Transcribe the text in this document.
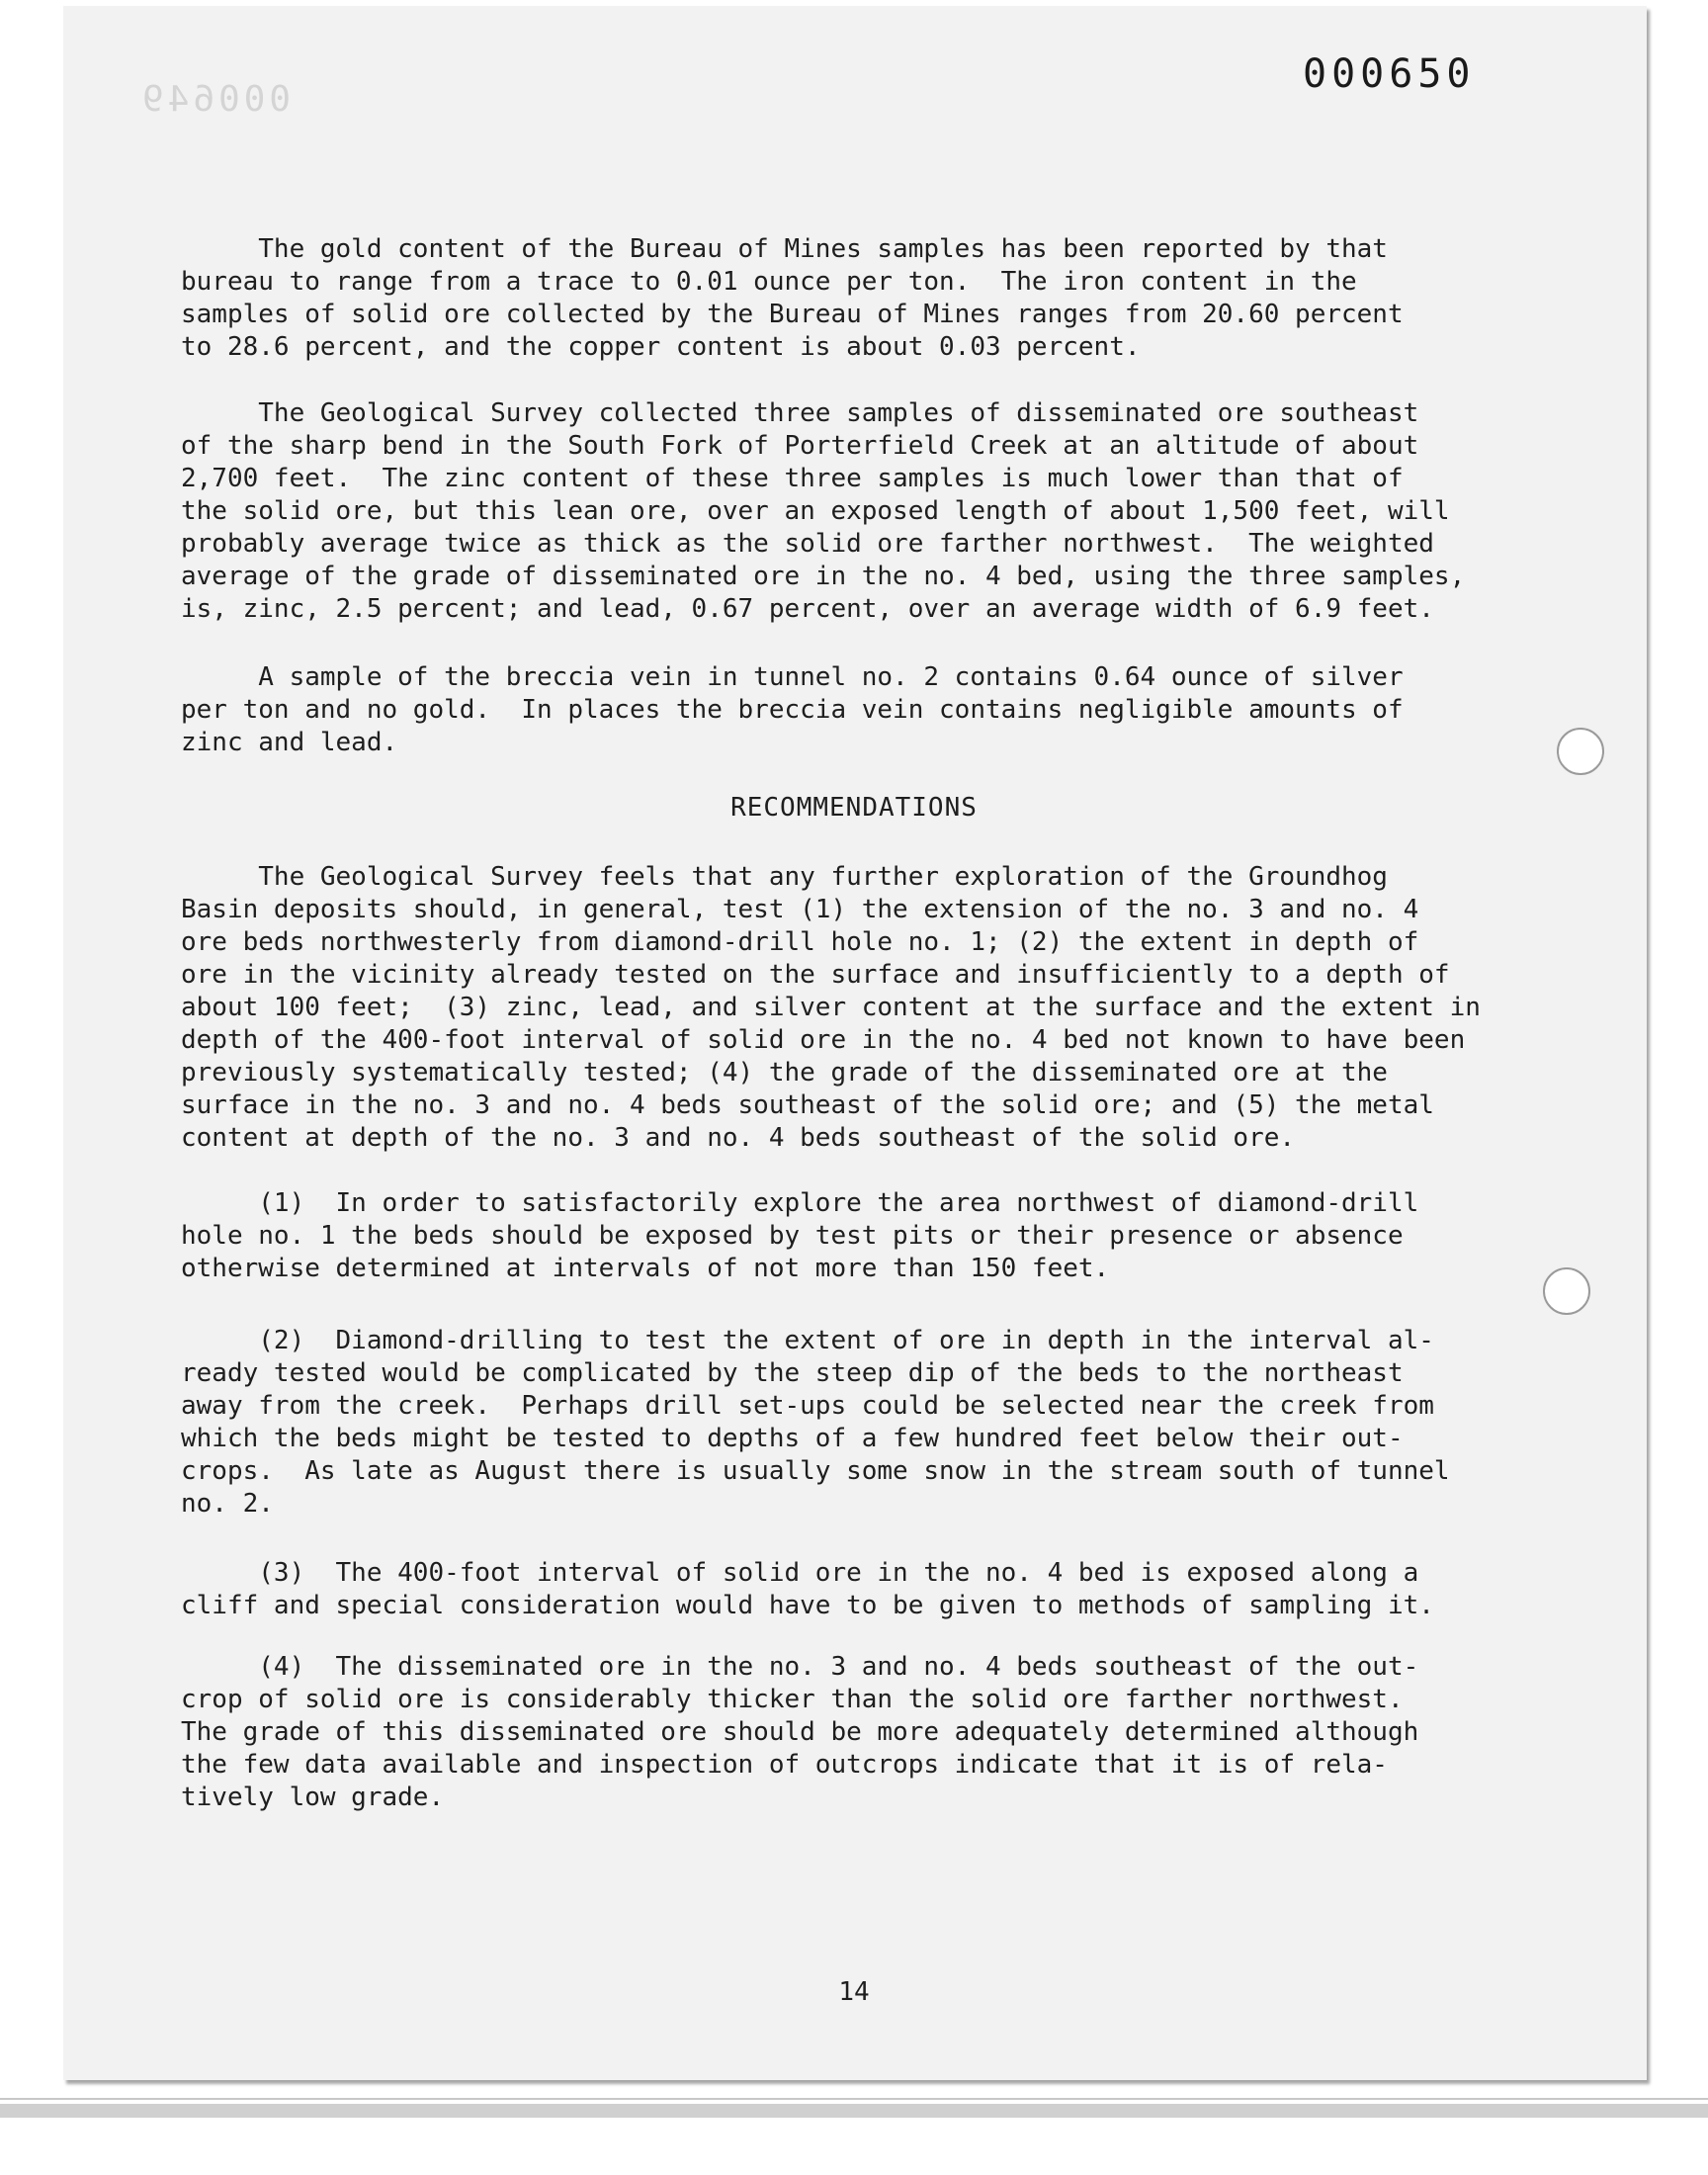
000649
000650
The gold content of the Bureau of Mines samples has been reported by that
bureau to range from a trace to 0.01 ounce per ton.  The iron content in the
samples of solid ore collected by the Bureau of Mines ranges from 20.60 percent
to 28.6 percent, and the copper content is about 0.03 percent.
The Geological Survey collected three samples of disseminated ore southeast
of the sharp bend in the South Fork of Porterfield Creek at an altitude of about
2,700 feet.  The zinc content of these three samples is much lower than that of
the solid ore, but this lean ore, over an exposed length of about 1,500 feet, will
probably average twice as thick as the solid ore farther northwest.  The weighted
average of the grade of disseminated ore in the no. 4 bed, using the three samples,
is, zinc, 2.5 percent; and lead, 0.67 percent, over an average width of 6.9 feet.
A sample of the breccia vein in tunnel no. 2 contains 0.64 ounce of silver
per ton and no gold.  In places the breccia vein contains negligible amounts of
zinc and lead.
RECOMMENDATIONS
The Geological Survey feels that any further exploration of the Groundhog
Basin deposits should, in general, test (1) the extension of the no. 3 and no. 4
ore beds northwesterly from diamond-drill hole no. 1; (2) the extent in depth of
ore in the vicinity already tested on the surface and insufficiently to a depth of
about 100 feet;  (3) zinc, lead, and silver content at the surface and the extent in
depth of the 400-foot interval of solid ore in the no. 4 bed not known to have been
previously systematically tested; (4) the grade of the disseminated ore at the
surface in the no. 3 and no. 4 beds southeast of the solid ore; and (5) the metal
content at depth of the no. 3 and no. 4 beds southeast of the solid ore.
(1)  In order to satisfactorily explore the area northwest of diamond-drill
hole no. 1 the beds should be exposed by test pits or their presence or absence
otherwise determined at intervals of not more than 150 feet.
(2)  Diamond-drilling to test the extent of ore in depth in the interval al-
ready tested would be complicated by the steep dip of the beds to the northeast
away from the creek.  Perhaps drill set-ups could be selected near the creek from
which the beds might be tested to depths of a few hundred feet below their out-
crops.  As late as August there is usually some snow in the stream south of tunnel
no. 2.
(3)  The 400-foot interval of solid ore in the no. 4 bed is exposed along a
cliff and special consideration would have to be given to methods of sampling it.
(4)  The disseminated ore in the no. 3 and no. 4 beds southeast of the out-
crop of solid ore is considerably thicker than the solid ore farther northwest.
The grade of this disseminated ore should be more adequately determined although
the few data available and inspection of outcrops indicate that it is of rela-
tively low grade.
14
